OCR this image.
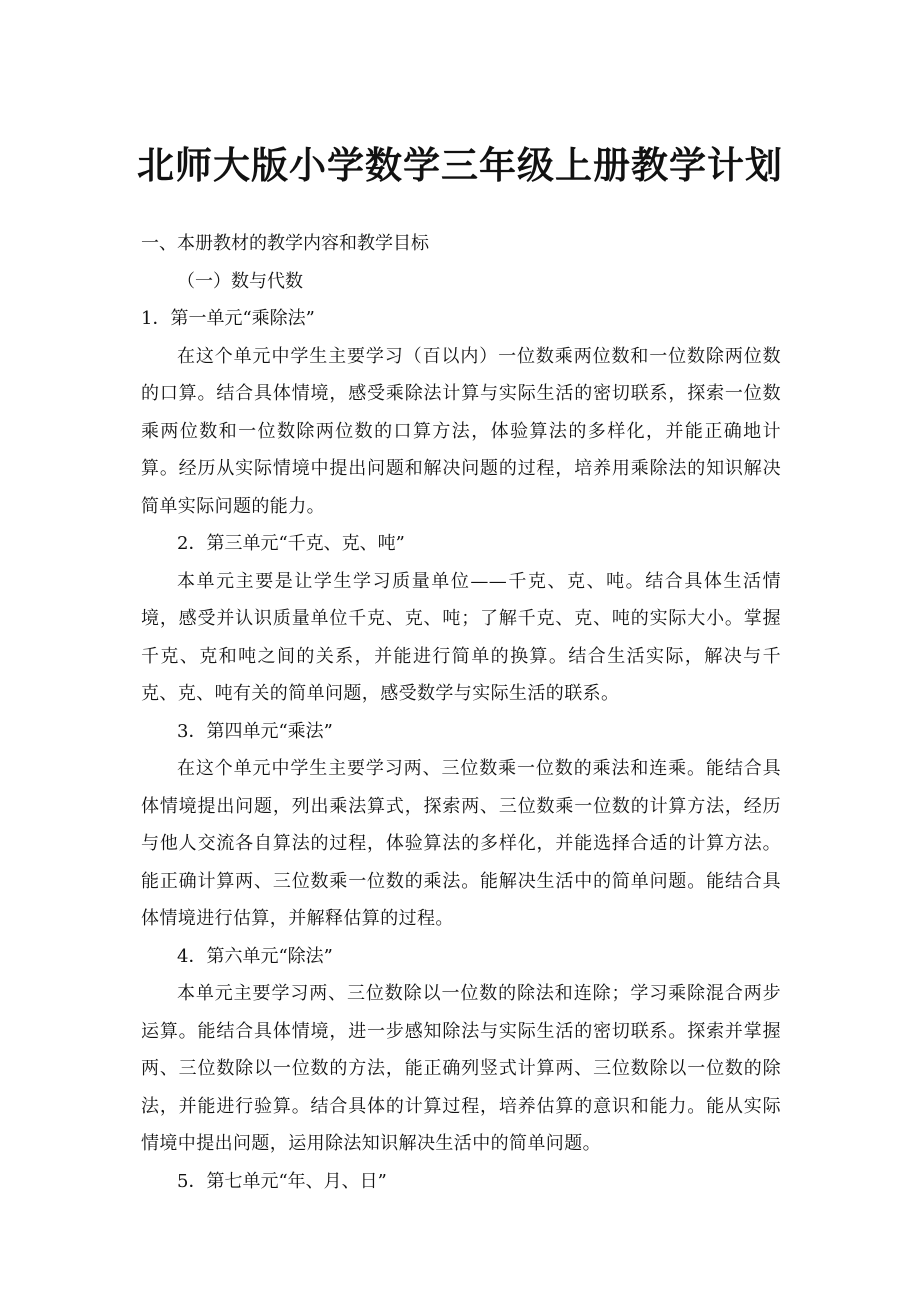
北师大版小学数学三年级上册教学计划
一、本册教材的教学内容和教学目标
（一）数与代数
1．第一单元“乘除法”

在这个单元中学生主要学习（百以内）一位数乘两位数和一位数除两位数的口算。结合具体情境，感受乘除法计算与实际生活的密切联系，探索一位数乘两位数和一位数除两位数的口算方法，体验算法的多样化，并能正确地计算。经历从实际情境中提出问题和解决问题的过程，培养用乘除法的知识解决简单实际问题的能力。

2．第三单元“千克、克、吨”

本单元主要是让学生学习质量单位——千克、克、吨。结合具体生活情境，感受并认识质量单位千克、克、吨；了解千克、克、吨的实际大小。掌握千克、克和吨之间的关系，并能进行简单的换算。结合生活实际，解决与千克、克、吨有关的简单问题，感受数学与实际生活的联系。

3．第四单元“乘法”

在这个单元中学生主要学习两、三位数乘一位数的乘法和连乘。能结合具体情境提出问题，列出乘法算式，探索两、三位数乘一位数的计算方法，经历与他人交流各自算法的过程，体验算法的多样化，并能选择合适的计算方法。能正确计算两、三位数乘一位数的乘法。能解决生活中的简单问题。能结合具体情境进行估算，并解释估算的过程。

4．第六单元“除法”

本单元主要学习两、三位数除以一位数的除法和连除；学习乘除混合两步运算。能结合具体情境，进一步感知除法与实际生活的密切联系。探索并掌握两、三位数除以一位数的方法，能正确列竖式计算两、三位数除以一位数的除法，并能进行验算。结合具体的计算过程，培养估算的意识和能力。能从实际情境中提出问题，运用除法知识解决生活中的简单问题。

5．第七单元“年、月、日”
